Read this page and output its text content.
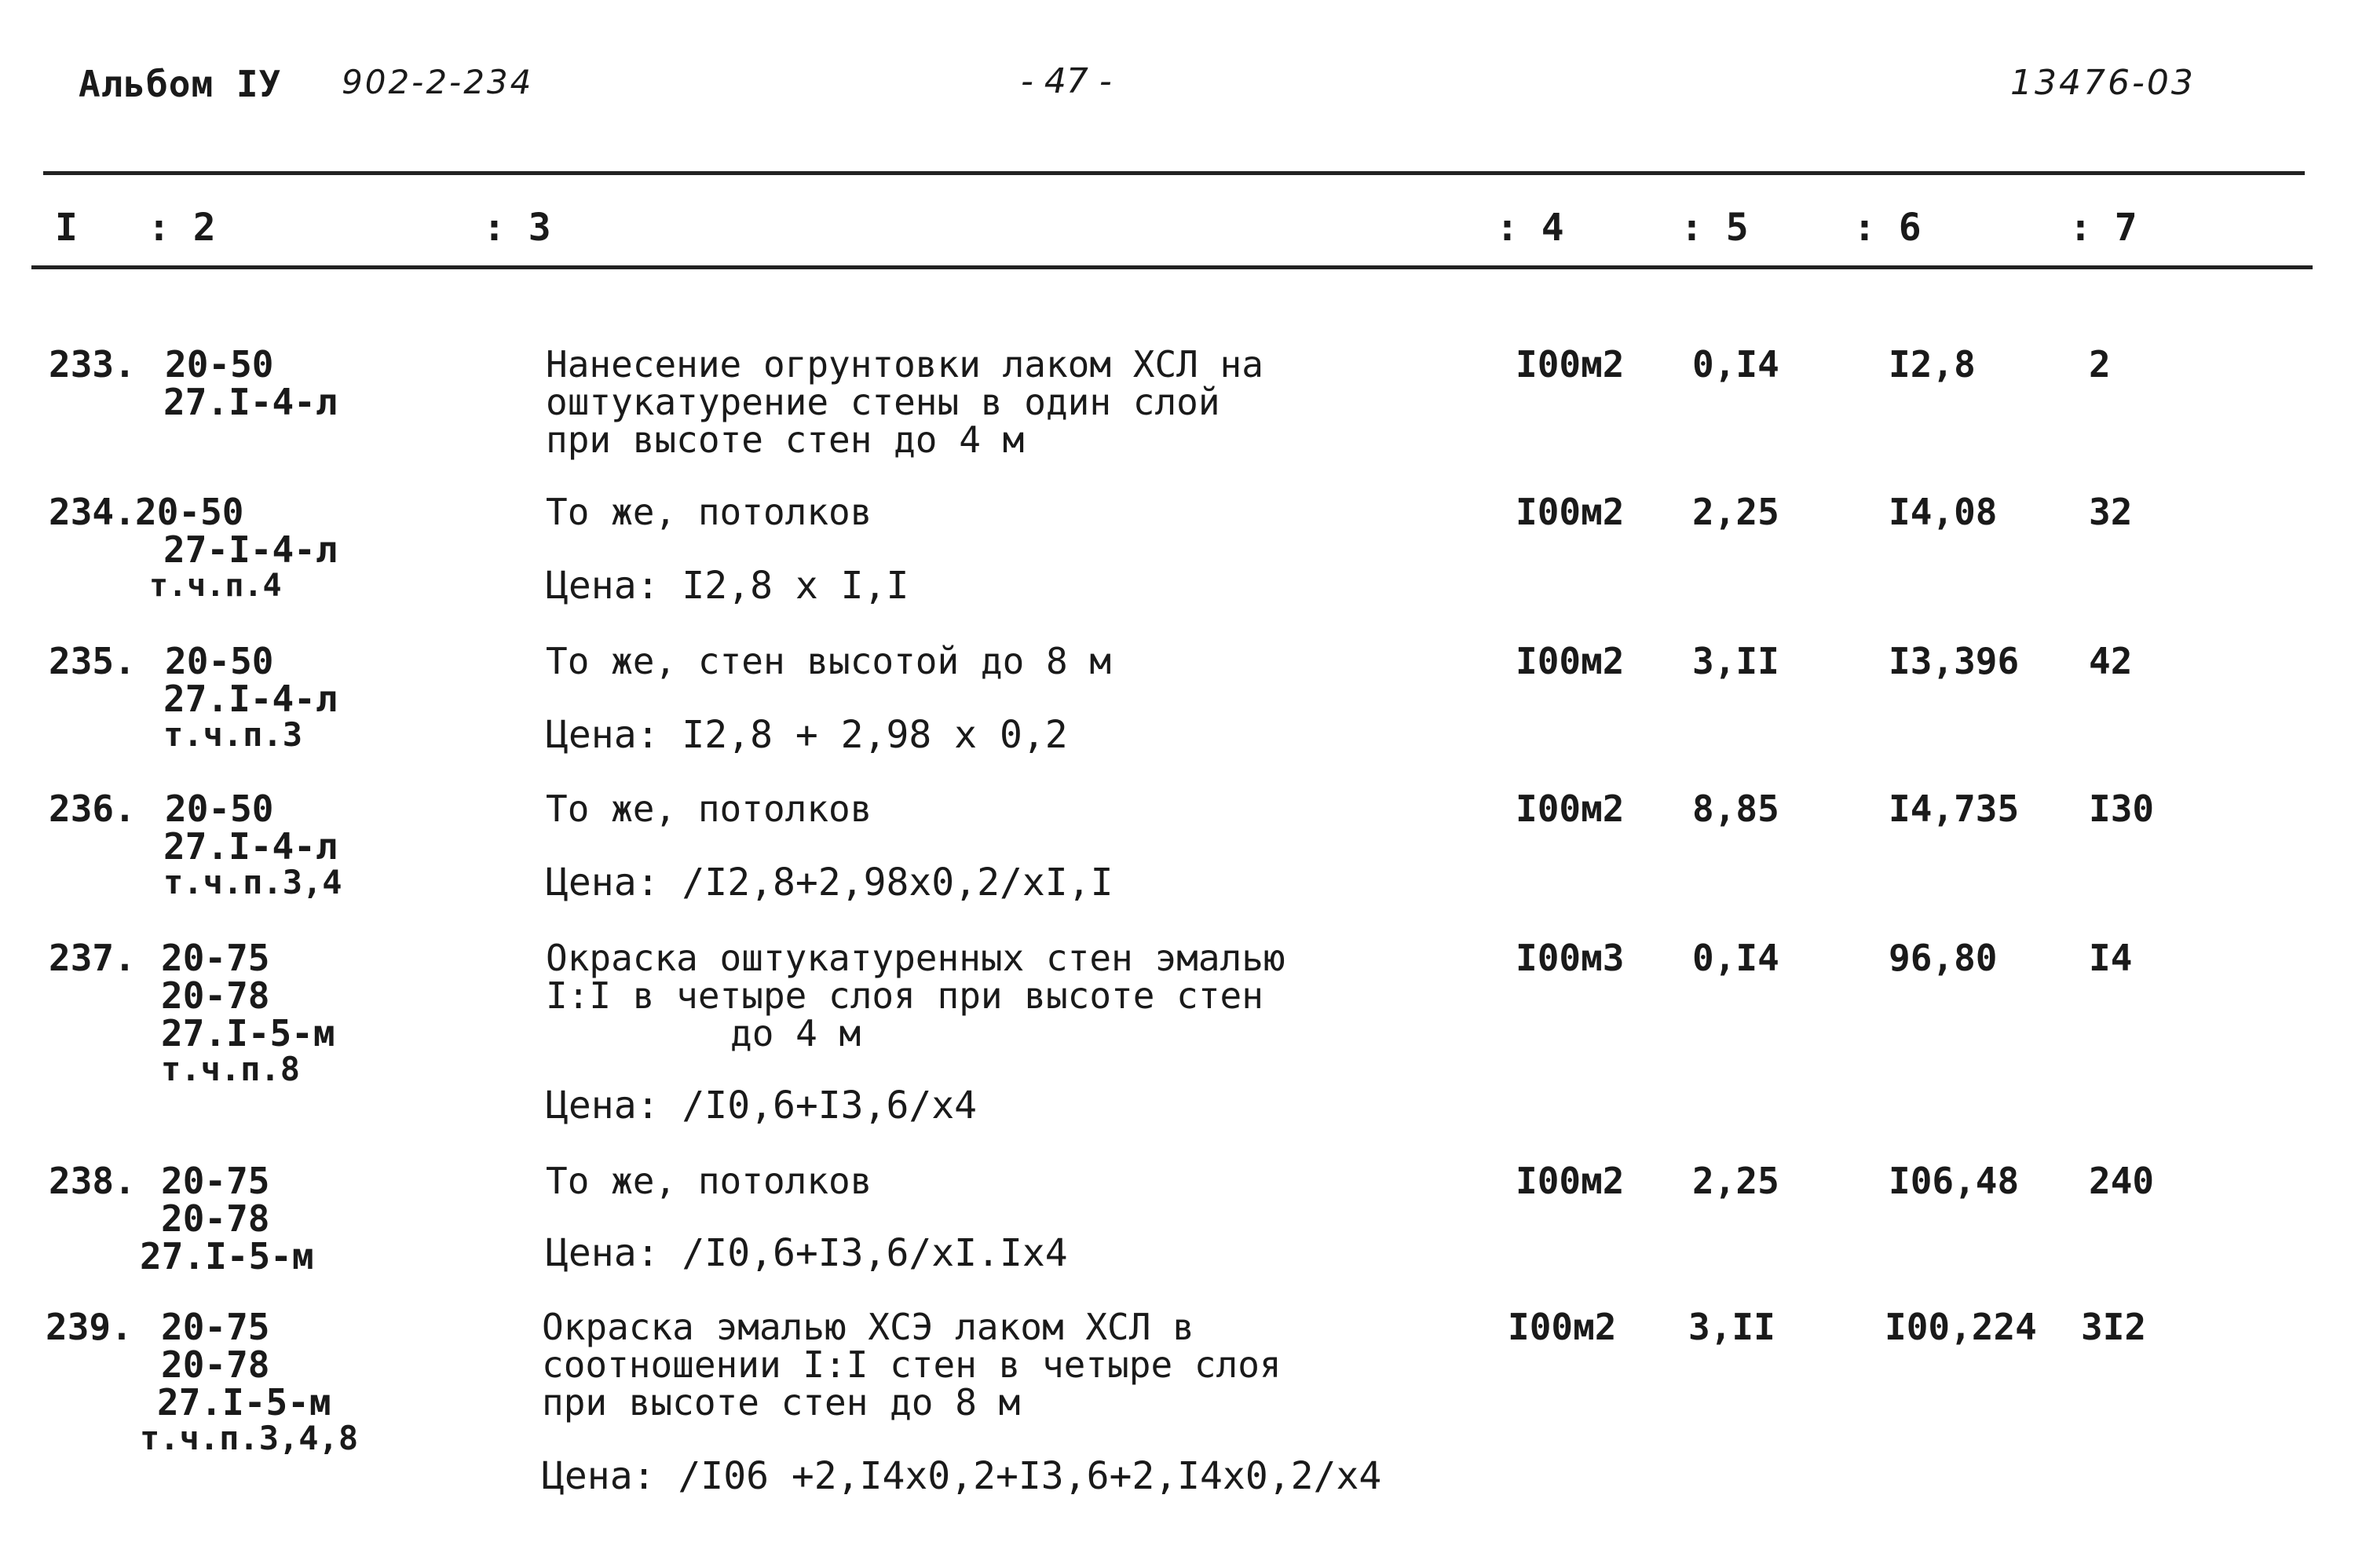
Альбом IУ 902-2-234	- 47 -	13476-03
I : 2	: 3	: 4	: 5	: 6	: 7
233. 20-50
27.I-4-л
Нанесение огрунтовки лаком ХСЛ на
оштукатурение стены в один слой
при высоте стен до 4 м
I00м2 0,I4	I2,8	2
234. 20-50
27-I-4-л
т.ч.п.4
То же, потолков
Цена: I2,8 x I,I
I00м2 2,25	I4,08	32
235. 20-50
27.I-4-л
т.ч.п.3
То же, стен высотой до 8 м
Цена: I2,8 + 2,98 x 0,2
I00м2 3,II	I3,396 42
236. 20-50
27.I-4-л
т.ч.п.3,4
То же, потолков
Цена: /I2,8+2,98x0,2/xI,I
I00м2 8,85	I4,735 I30
237. 20-75
20-78
27.I-5-м
т.ч.п.8
Окраска оштукатуренных стен эмалью
I:I в четыре слоя при высоте стен
до 4 м
Цена: /I0,6+I3,6/x4
I00м3 0,I4	96,80	I4
238. 20-75
20-78
27.I-5-м
То же, потолков
Цена: /I0,6+I3,6/xI.Ix4
I00м2 2,25	I06,48 240
239. 20-75
20-78
27.I-5-м
т.ч.п.3,4,8
Окраска эмалью ХСЭ лаком ХСЛ в
соотношении I:I стен в четыре слоя
при высоте стен до 8 м
Цена: /I06 +2,I4x0,2+I3,6+2,I4x0,2/x4
I00м2 3,II	I00,224 3I2
